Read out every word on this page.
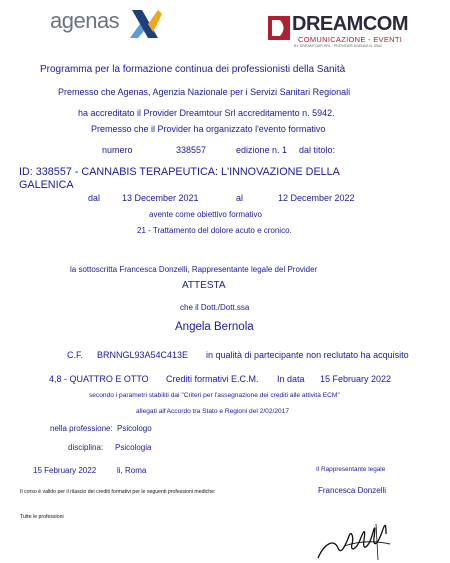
agenas	DREAMCOM
COMUNICAZIONE - EVENTI
BY DREAMTOUR SRL · PROVIDER AGENAS N. 5942
Programma per la formazione continua dei professionisti della Sanità
Premesso che Agenas, Agenzia Nazionale per i Servizi Sanitari Regionali
ha accreditato il Provider Dreamtour Srl accreditamento n. 5942.
Premesso che il Provider ha organizzato l'evento formativo
numero	338557	edizione n. 1 dal titolo:
ID: 338557 - CANNABIS TERAPEUTICA: L'INNOVAZIONE DELLA
GALENICA
dal 13 December 2021	al	12 December 2022
avente come obiettivo formativo
21 - Trattamento del dolore acuto e cronico.
la sottoscritta Francesca Donzelli, Rappresentante legale del Provider
ATTESTA
che il Dott./Dott.ssa
Angela Bernola
C.F. BRNNGL93A54C413E in qualità di partecipante non reclutato ha acquisito
4,8 - QUATTRO E OTTO Crediti formativi E.C.M. In data 15 February 2022
secondo i parametri stabiliti dai "Criteri per l'assegnazione dei crediti alle attività ECM"
allegati all'Accordo tra Stato e Regioni del 2/02/2017
nella professione: Psicologo
disciplina: Psicologia
15 February 2022	li, Roma	Il Rappresentante legale
Francesca Donzelli
Il corso è valido per il rilascio dei crediti formativi per le seguenti professioni mediche:
Tutte le professioni
